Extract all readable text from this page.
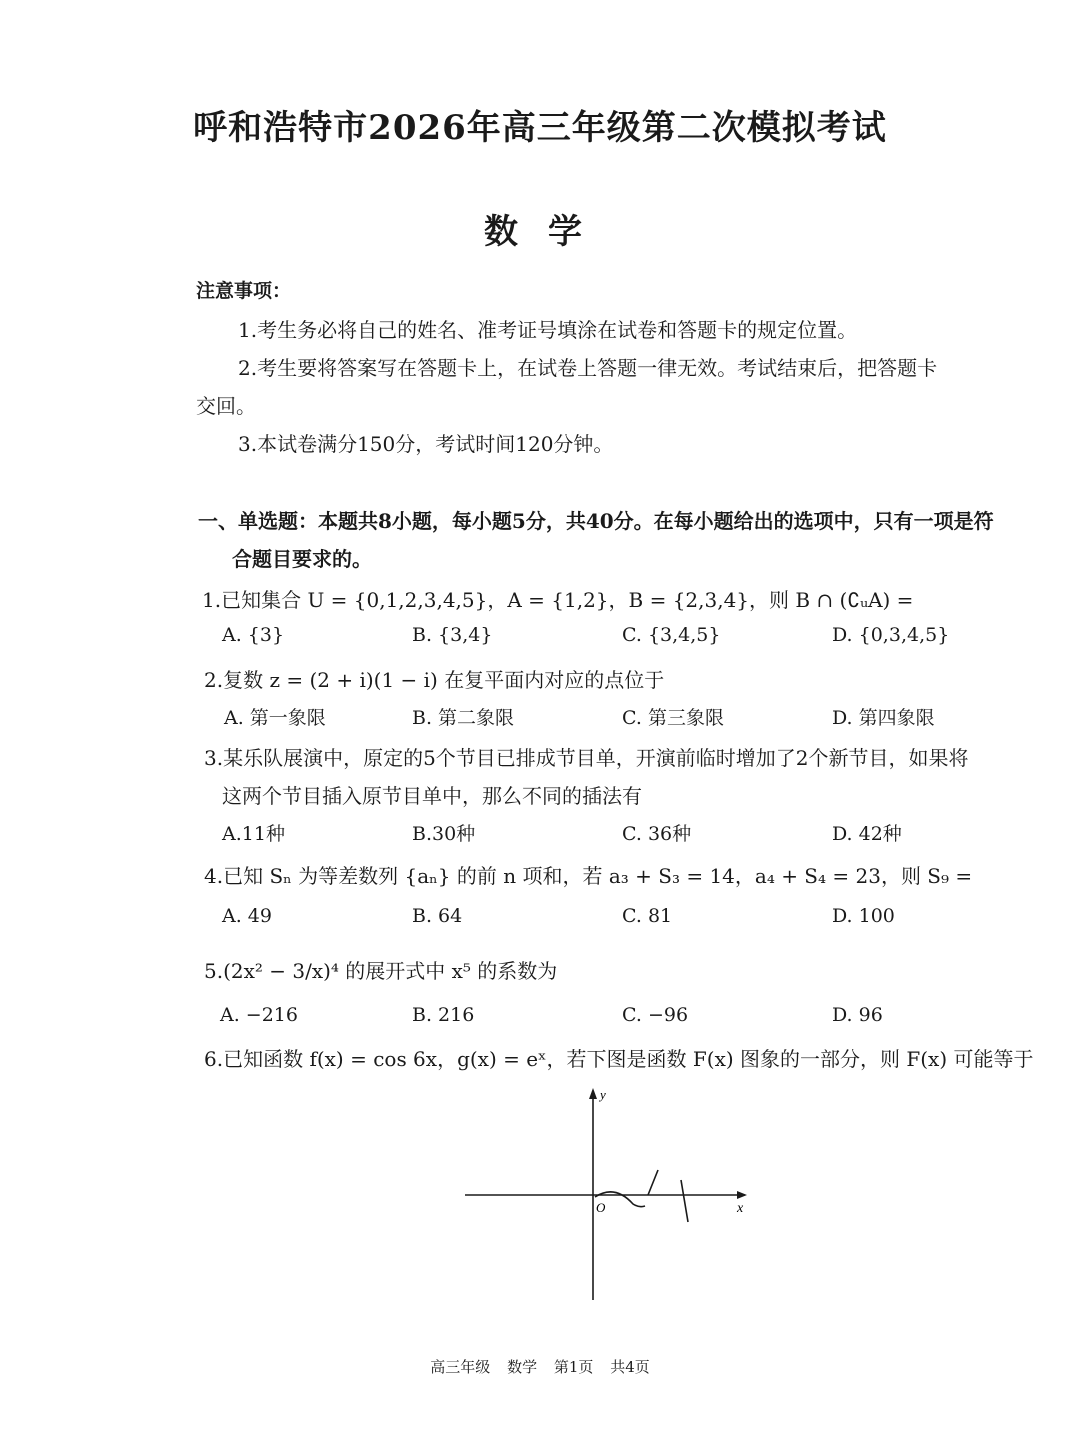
呼和浩特市2026年高三年级第二次模拟考试
数学
注意事项：
1.考生务必将自己的姓名、准考证号填涂在试卷和答题卡的规定位置。
2.考生要将答案写在答题卡上，在试卷上答题一律无效。考试结束后，把答题卡
交回。
3.本试卷满分150分，考试时间120分钟。
一、单选题：本题共8小题，每小题5分，共40分。在每小题给出的选项中，只有一项是符
合题目要求的。
1.已知集合 U = {0,1,2,3,4,5}，A = {1,2}，B = {2,3,4}，则 B ∩ (∁ᵤA) =
A. {3}	B. {3,4}	C. {3,4,5}	D. {0,3,4,5}
2.复数 z = (2 + i)(1 − i) 在复平面内对应的点位于
A. 第一象限	B. 第二象限	C. 第三象限	D. 第四象限
3.某乐队展演中，原定的5个节目已排成节目单，开演前临时增加了2个新节目，如果将
这两个节目插入原节目单中，那么不同的插法有
A.11种	B.30种	C. 36种	D. 42种
4.已知 Sₙ 为等差数列 {aₙ} 的前 n 项和，若 a₃ + S₃ = 14，a₄ + S₄ = 23，则 S₉ =
A. 49	B. 64	C. 81	D. 100
5.(2x² − 3/x)⁴ 的展开式中 x⁵ 的系数为
A. −216	B. 216	C. −96	D. 96
6.已知函数 f(x) = cos 6x，g(x) = eˣ，若下图是函数 F(x) 图象的一部分，则 F(x) 可能等于
y
x
O
高三年级 数学 第1页 共4页
